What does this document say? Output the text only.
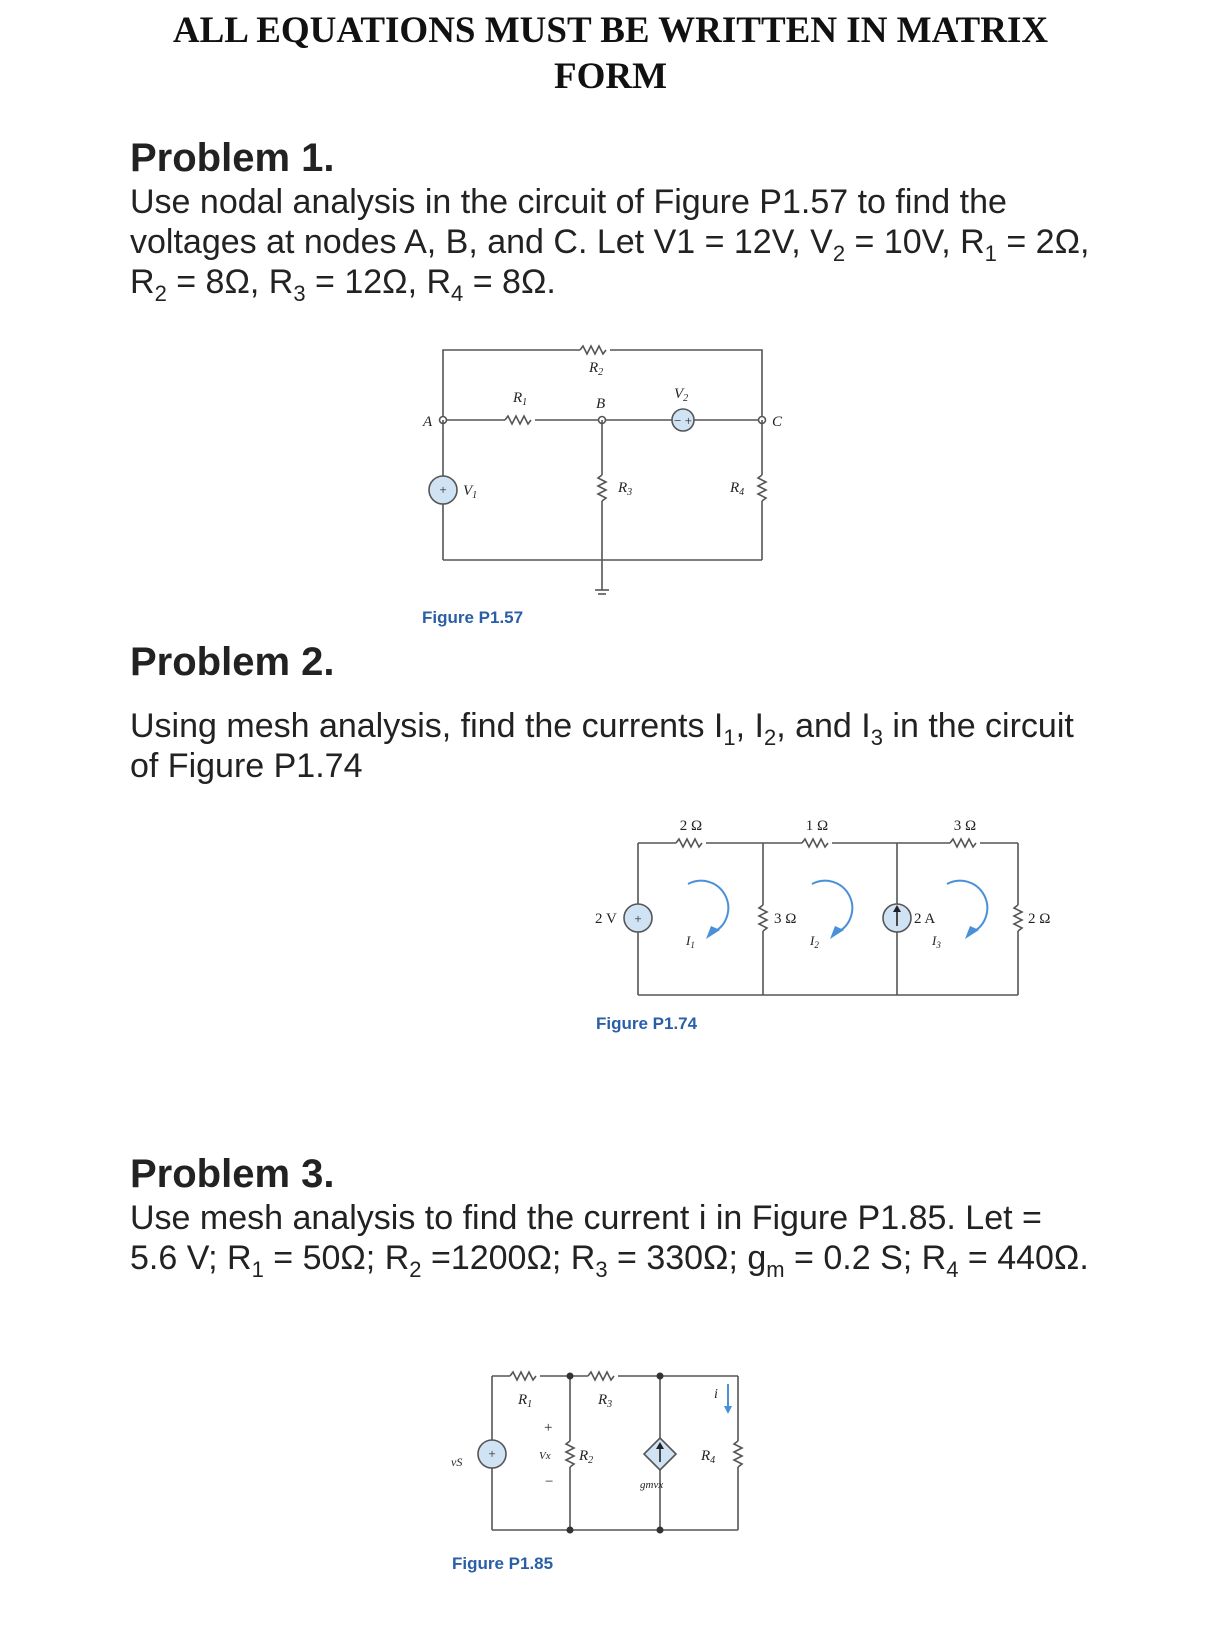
ALL EQUATIONS MUST BE WRITTEN IN MATRIX
FORM
Problem 1.
Use nodal analysis in the circuit of Figure P1.57 to find the voltages at nodes A, B, and C. Let V1 = 12V, $V_2 = 10V$, $R_1 = 2\Omega$, $R_2 = 8\Omega$, $R_3 = 12\Omega$, $R_4 = 8\Omega$.
$R_2$
$R_1$	B
$V_2$
A	C
$V_1$	$R_3$	$R_4$
− +
+
2 Ω	1 Ω	3 Ω
2 V +	3 Ω	2 A	2 Ω
$I_1$	$I_2$	$I_3$
$R_1$	$R_3$
$R_2$	$R_4$
vS
+	Vx
+
−	gmvx
i
Figure P1.57
Figure P1.74
Figure P1.85
Problem 2.
Using mesh analysis, find the currents $I_1$, $I_2$, and $I_3$ in the circuit of Figure P1.74
Problem 3.
Use mesh analysis to find the current i in Figure P1.85. Let = 5.6 V; $R_1 = 50\Omega$; $R_2 =1200\Omega$; $R_3 = 330\Omega$; $g_m = 0.2$ S; $R_4 = 440\Omega$.
